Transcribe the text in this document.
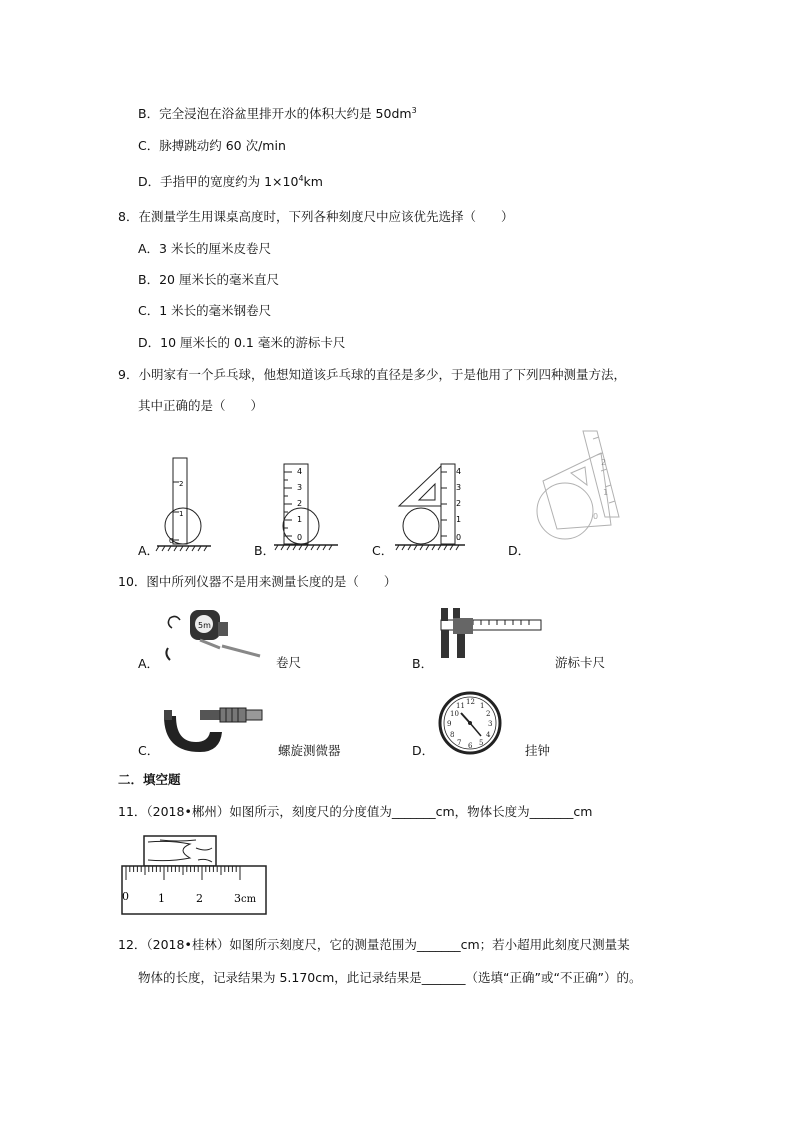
B．完全浸泡在浴盆里排开水的体积大约是 $50dm^3$
C．脉搏跳动约 60 次/min
D．手指甲的宽度约为 $1\times 10^4km$
8．在测量学生用课桌高度时，下列各种刻度尺中应该优先选择（　　）
A．3 米长的厘米皮卷尺
B．20 厘米长的毫米直尺
C．1 米长的毫米钢卷尺
D．10 厘米长的 0.1 毫米的游标卡尺
9．小明家有一个乒乓球，他想知道该乒乓球的直径是多少，于是他用了下列四种测量方法，
其中正确的是（　　）
2
1
0
A．
4
3
2
1
0
B．
4
3
2
1
0
C．
2
1
0
D．
10．图中所列仪器不是用来测量长度的是（　　）
5m
A．	卷尺	B．	游标卡尺
C．	螺旋测微器
12
3
6
9
1
2
4
5
7
8
10
11
D．	挂钟
二．填空题
11．（2018•郴州）如图所示，刻度尺的分度值为_______cm，物体长度为_______cm
0	1	2	3 cm
12．（2018•桂林）如图所示刻度尺，它的测量范围为_______cm；若小超用此刻度尺测量某
物体的长度，记录结果为 5.170cm，此记录结果是_______（选填“正确”或“不正确”）的。
